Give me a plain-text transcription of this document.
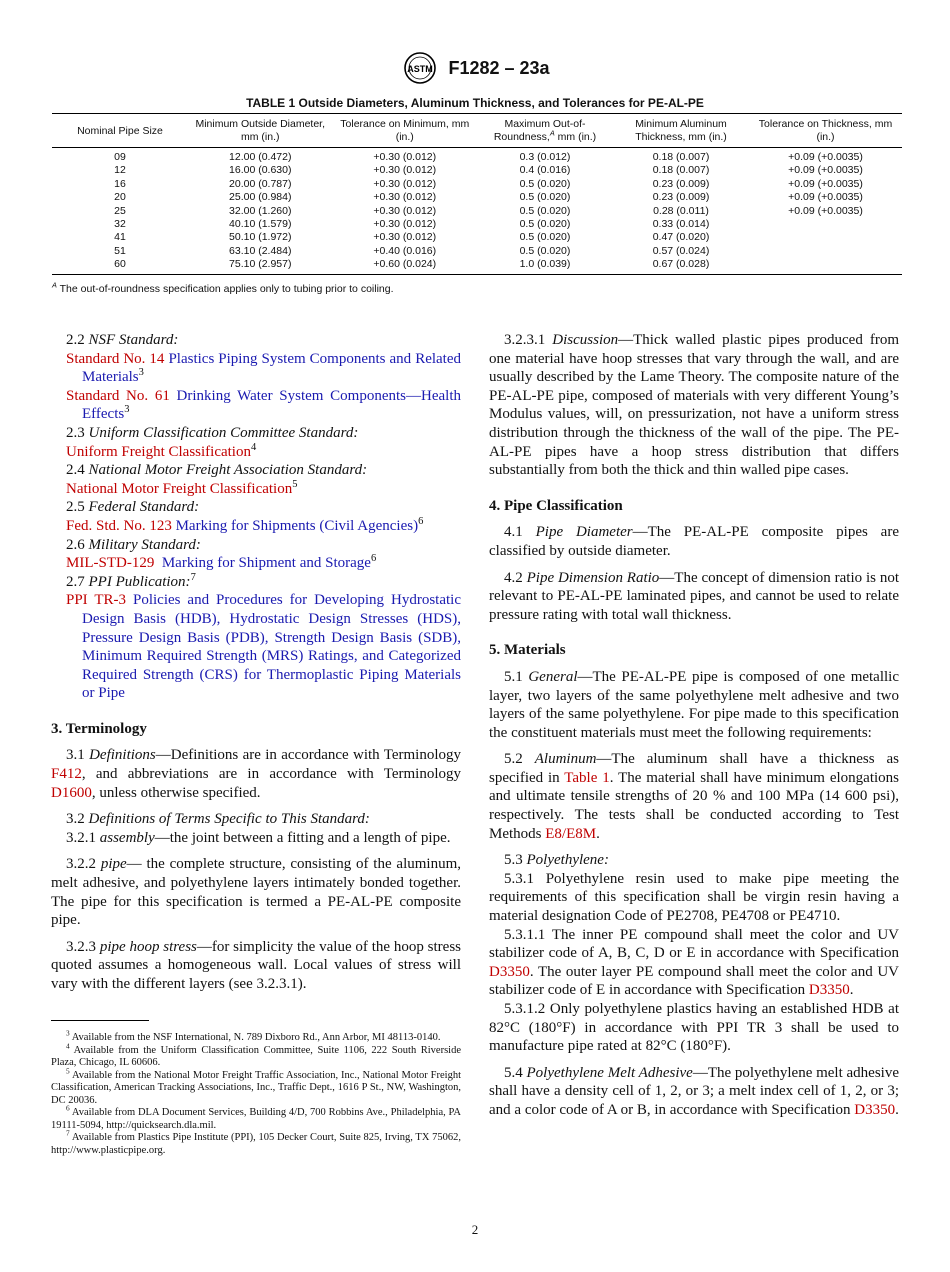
ASTM F1282 – 23a
TABLE 1 Outside Diameters, Aluminum Thickness, and Tolerances for PE-AL-PE
Nominal Pipe Size	Minimum Outside Diameter, mm (in.)	Tolerance on Minimum, mm (in.)	Maximum Out-of-Roundness,$^A$ mm (in.)	Minimum Aluminum Thickness, mm (in.)	Tolerance on Thickness, mm (in.)
09	12.00 (0.472)	+0.30 (0.012)	0.3 (0.012)	0.18 (0.007)	+0.09 (+0.0035)
12	16.00 (0.630)	+0.30 (0.012)	0.4 (0.016)	0.18 (0.007)	+0.09 (+0.0035)
16	20.00 (0.787)	+0.30 (0.012)	0.5 (0.020)	0.23 (0.009)	+0.09 (+0.0035)
20	25.00 (0.984)	+0.30 (0.012)	0.5 (0.020)	0.23 (0.009)	+0.09 (+0.0035)
25	32.00 (1.260)	+0.30 (0.012)	0.5 (0.020)	0.28 (0.011)	+0.09 (+0.0035)
32	40.10 (1.579)	+0.30 (0.012)	0.5 (0.020)	0.33 (0.014)	
41	50.10 (1.972)	+0.30 (0.012)	0.5 (0.020)	0.47 (0.020)	
51	63.10 (2.484)	+0.40 (0.016)	0.5 (0.020)	0.57 (0.024)	
60	75.10 (2.957)	+0.60 (0.024)	1.0 (0.039)	0.67 (0.028)	
$^A$ The out-of-roundness specification applies only to tubing prior to coiling.
2.2 NSF Standard:
Standard No. 14 Plastics Piping System Components and Related Materials$^3$
Standard No. 61 Drinking Water System Components—Health Effects$^3$
2.3 Uniform Classification Committee Standard:
Uniform Freight Classification$^4$
2.4 National Motor Freight Association Standard:
National Motor Freight Classification$^5$
2.5 Federal Standard:
Fed. Std. No. 123 Marking for Shipments (Civil Agencies)$^6$
2.6 Military Standard:
MIL-STD-129 Marking for Shipment and Storage$^6$
2.7 PPI Publication:$^7$
PPI TR-3 Policies and Procedures for Developing Hydrostatic Design Basis (HDB), Hydrostatic Design Stresses (HDS), Pressure Design Basis (PDB), Strength Design Basis (SDB), Minimum Required Strength (MRS) Ratings, and Categorized Required Strength (CRS) for Thermoplastic Piping Materials or Pipe
3. Terminology

3.1 Definitions—Definitions are in accordance with Terminology F412, and abbreviations are in accordance with Terminology D1600, unless otherwise specified.

3.2 Definitions of Terms Specific to This Standard:

3.2.1 assembly—the joint between a fitting and a length of pipe.

3.2.2 pipe— the complete structure, consisting of the aluminum, melt adhesive, and polyethylene layers intimately bonded together. The pipe for this specification is termed a PE-AL-PE composite pipe.

3.2.3 pipe hoop stress—for simplicity the value of the hoop stress quoted assumes a homogeneous wall. Local values of stress will vary with the different layers (see 3.2.3.1).

$^3$ Available from the NSF International, N. 789 Dixboro Rd., Ann Arbor, MI 48113-0140.
$^4$ Available from the Uniform Classification Committee, Suite 1106, 222 South Riverside Plaza, Chicago, IL 60606.
$^5$ Available from the National Motor Freight Traffic Association, Inc., National Motor Freight Classification, American Tracking Associations, Inc., Traffic Dept., 1616 P St., NW, Washington, DC 20036.
$^6$ Available from DLA Document Services, Building 4/D, 700 Robbins Ave., Philadelphia, PA 19111-5094, http://quicksearch.dla.mil.
$^7$ Available from Plastics Pipe Institute (PPI), 105 Decker Court, Suite 825, Irving, TX 75062, http://www.plasticpipe.org.

3.2.3.1 Discussion—Thick walled plastic pipes produced from one material have hoop stresses that vary through the wall, and are usually described by the Lame Theory. The composite nature of the PE-AL-PE pipe, composed of materials with very different Young’s Modulus values, will, on pressurization, not have a uniform stress distribution through the thickness of the wall of the pipe. The PE-AL-PE pipes have a hoop stress distribution that differs substantially from both the thick and thin walled pipe cases.

4. Pipe Classification

4.1 Pipe Diameter—The PE-AL-PE composite pipes are classified by outside diameter.

4.2 Pipe Dimension Ratio—The concept of dimension ratio is not relevant to PE-AL-PE laminated pipes, and cannot be used to relate pressure rating with total wall thickness.

5. Materials

5.1 General—The PE-AL-PE pipe is composed of one metallic layer, two layers of the same polyethylene melt adhesive and two layers of the same polyethylene. For pipe made to this specification the constituent materials must meet the following requirements:

5.2 Aluminum—The aluminum shall have a thickness as specified in Table 1. The material shall have minimum elongations and ultimate tensile strengths of 20 % and 100 MPa (14 600 psi), respectively. The tests shall be conducted according to Test Methods E8/E8M.

5.3 Polyethylene:

5.3.1 Polyethylene resin used to make pipe meeting the requirements of this specification shall be virgin resin having a material designation Code of PE2708, PE4708 or PE4710.

5.3.1.1 The inner PE compound shall meet the color and UV stabilizer code of A, B, C, D or E in accordance with Specification D3350. The outer layer PE compound shall meet the color and UV stabilizer code of E in accordance with Specification D3350.

5.3.1.2 Only polyethylene plastics having an established HDB at 82°C (180°F) in accordance with PPI TR 3 shall be used to manufacture pipe rated at 82°C (180°F).

5.4 Polyethylene Melt Adhesive—The polyethylene melt adhesive shall have a density cell of 1, 2, or 3; a melt index cell of 1, 2, or 3; and a color code of A or B, in accordance with Specification D3350.

2
